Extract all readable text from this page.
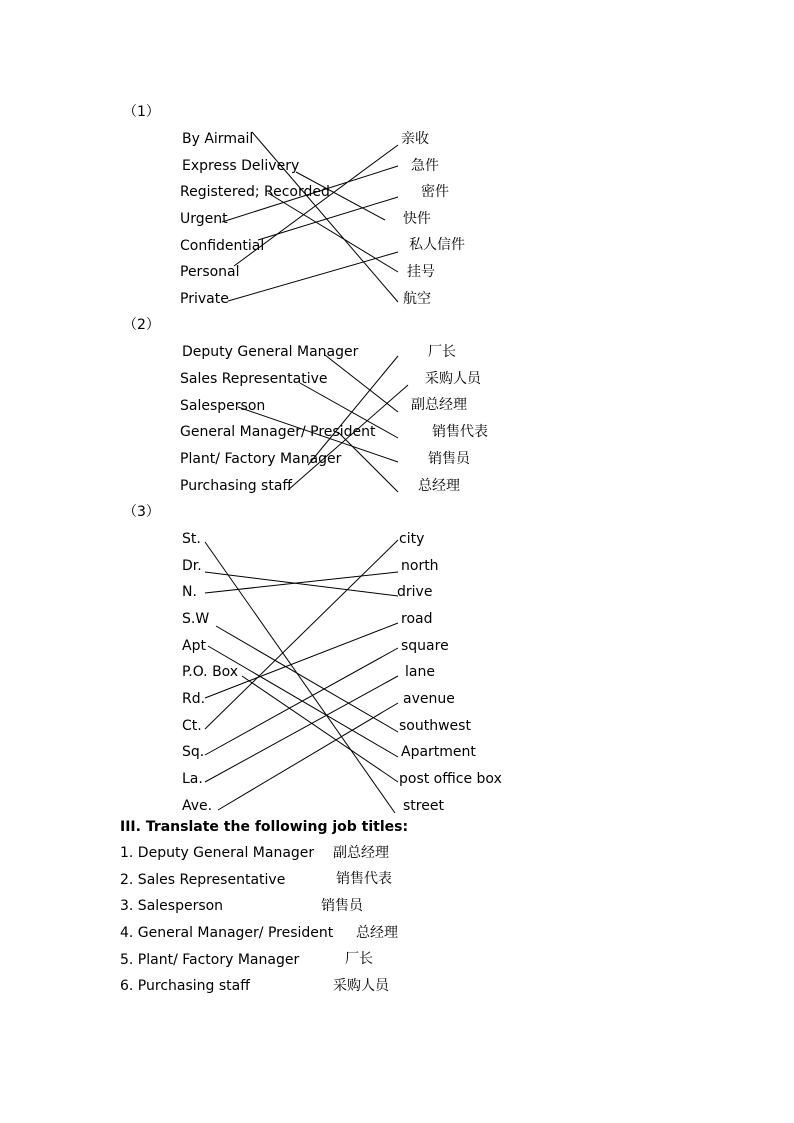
（1）
By Airmail
Express Delivery
Registered; Recorded
Urgent
Confidential
Personal
Private
亲收
急件
密件
快件
私人信件
挂号
航空
（2）
Deputy General Manager
Sales Representative
Salesperson
General Manager/ President
Plant/ Factory Manager
Purchasing staff
厂长
采购人员
副总经理
销售代表
销售员
总经理
（3）
St.
Dr.
N.
S.W
Apt
P.O. Box
Rd.
Ct.
Sq.
La.
Ave.
city
north
drive
road
square
lane
avenue
southwest
Apartment
post office box
street
III. Translate the following job titles:
1. Deputy General Manager 副总经理
2. Sales Representative	销售代表
3. Salesperson	销售员
4. General Manager/ President 总经理
5. Plant/ Factory Manager	厂长
6. Purchasing staff	采购人员
